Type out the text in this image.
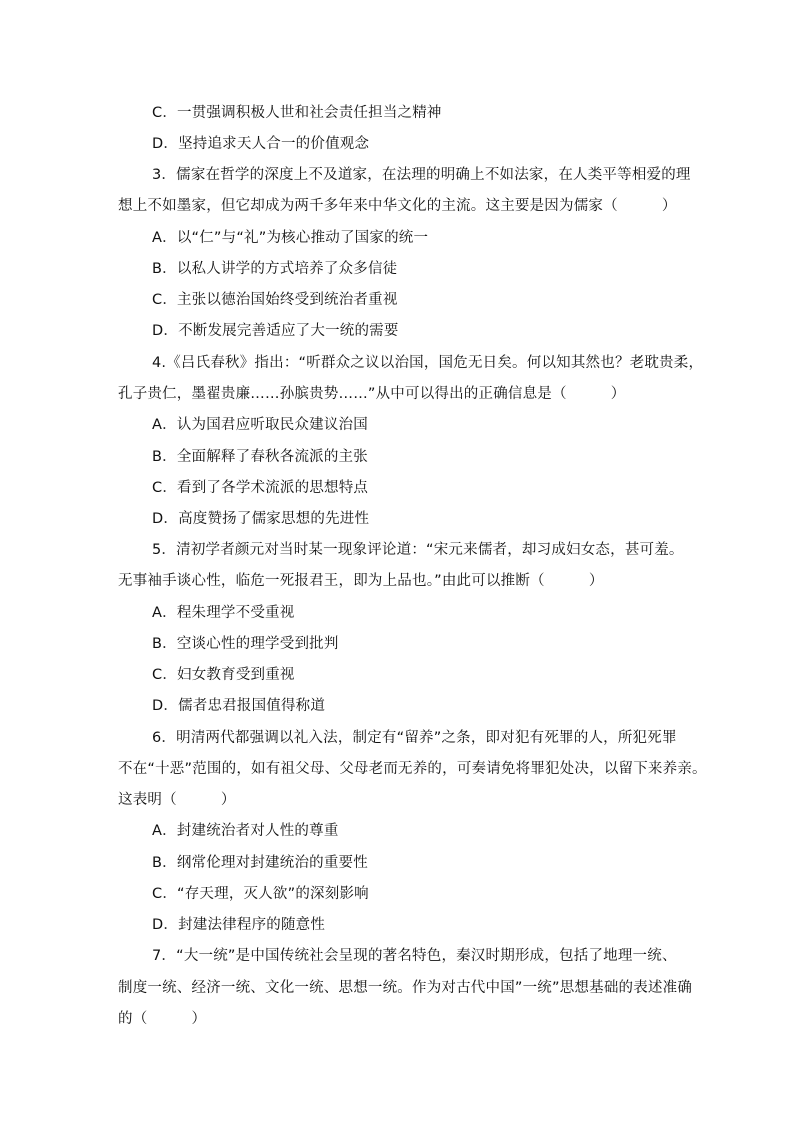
C．一贯强调积极人世和社会责任担当之精神
D．坚持追求天人合一的价值观念
3．儒家在哲学的深度上不及道家，在法理的明确上不如法家，在人类平等相爱的理
想上不如墨家，但它却成为两千多年来中华文化的主流。这主要是因为儒家（　　　）
A．以“仁”与“礼”为核心推动了国家的统一
B．以私人讲学的方式培养了众多信徒
C．主张以德治国始终受到统治者重视
D．不断发展完善适应了大一统的需要
4.《吕氏春秋》指出：“听群众之议以治国，国危无日矣。何以知其然也？老耽贵柔，
孔子贵仁，墨翟贵廉……孙膑贵势……”从中可以得出的正确信息是（　　　）
A．认为国君应听取民众建议治国
B．全面解释了春秋各流派的主张
C．看到了各学术流派的思想特点
D．高度赞扬了儒家思想的先进性
5．清初学者颜元对当时某一现象评论道：“宋元来儒者，却习成妇女态，甚可羞。
无事袖手谈心性，临危一死报君王，即为上品也。”由此可以推断（　　　）
A．程朱理学不受重视
B．空谈心性的理学受到批判
C．妇女教育受到重视
D．儒者忠君报国值得称道
6．明清两代都强调以礼入法，制定有“留养”之条，即对犯有死罪的人，所犯死罪
不在“十恶”范围的，如有祖父母、父母老而无养的，可奏请免将罪犯处决，以留下来养亲。
这表明（　　　）
A．封建统治者对人性的尊重
B．纲常伦理对封建统治的重要性
C．“存天理，灭人欲”的深刻影响
D．封建法律程序的随意性
7．“大一统”是中国传统社会呈现的著名特色，秦汉时期形成，包括了地理一统、
制度一统、经济一统、文化一统、思想一统。作为对古代中国”一统”思想基础的表述准确
的（　　　）
